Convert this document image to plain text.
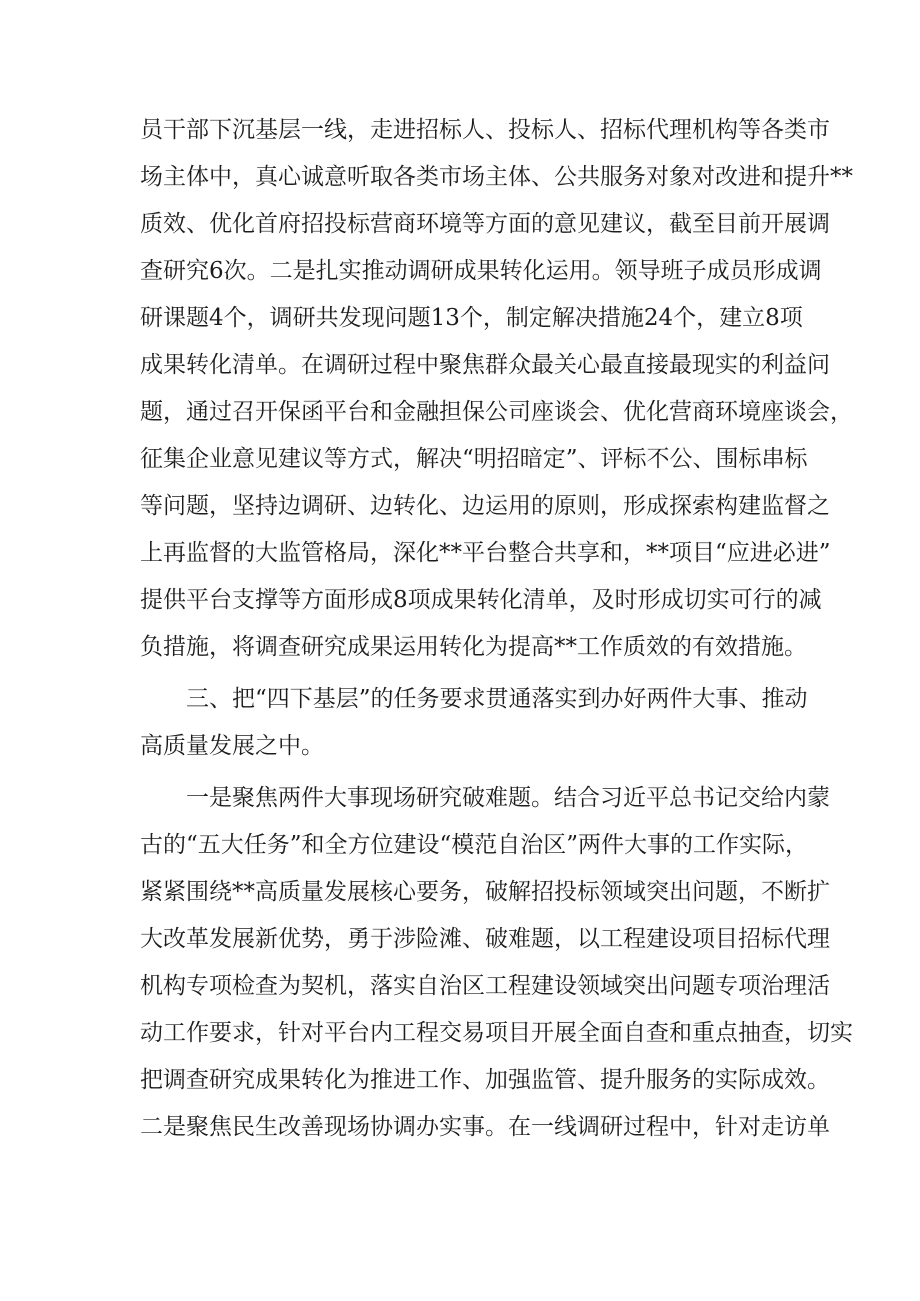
员干部下沉基层一线，走进招标人、投标人、招标代理机构等各类市
场主体中，真心诚意听取各类市场主体、公共服务对象对改进和提升**
质效、优化首府招投标营商环境等方面的意见建议，截至目前开展调
查研究6次。二是扎实推动调研成果转化运用。领导班子成员形成调
研课题4个，调研共发现问题13个，制定解决措施24个，建立8项
成果转化清单。在调研过程中聚焦群众最关心最直接最现实的利益问
题，通过召开保函平台和金融担保公司座谈会、优化营商环境座谈会，
征集企业意见建议等方式，解决“明招暗定”、评标不公、围标串标
等问题，坚持边调研、边转化、边运用的原则，形成探索构建监督之
上再监督的大监管格局，深化**平台整合共享和，**项目“应进必进”
提供平台支撑等方面形成8项成果转化清单，及时形成切实可行的减
负措施，将调查研究成果运用转化为提高**工作质效的有效措施。
三、把“四下基层”的任务要求贯通落实到办好两件大事、推动
高质量发展之中。
一是聚焦两件大事现场研究破难题。结合习近平总书记交给内蒙
古的“五大任务”和全方位建设“模范自治区”两件大事的工作实际，
紧紧围绕**高质量发展核心要务，破解招投标领域突出问题，不断扩
大改革发展新优势，勇于涉险滩、破难题，以工程建设项目招标代理
机构专项检查为契机，落实自治区工程建设领域突出问题专项治理活
动工作要求，针对平台内工程交易项目开展全面自查和重点抽查，切实
把调查研究成果转化为推进工作、加强监管、提升服务的实际成效。
二是聚焦民生改善现场协调办实事。在一线调研过程中，针对走访单
